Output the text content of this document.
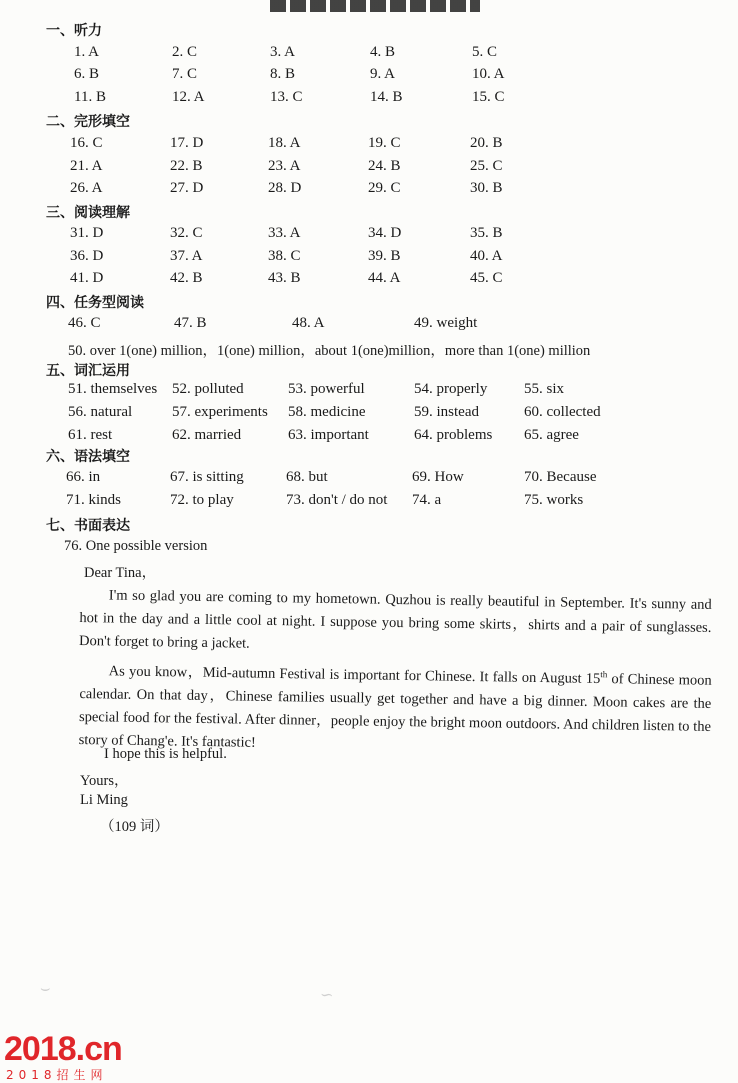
一、听力
1. A	2. C	3. A	4. B	5. C
6. B	7. C	8. B	9. A	10. A
11. B	12. A	13. C	14. B	15. C
二、完形填空
16. C	17. D	18. A	19. C	20. B
21. A	22. B	23. A	24. B	25. C
26. A	27. D	28. D	29. C	30. B
三、阅读理解
31. D	32. C	33. A	34. D	35. B
36. D	37. A	38. C	39. B	40. A
41. D	42. B	43. B	44. A	45. C
四、任务型阅读
46. C	47. B	48. A	49. weight
50. over 1(one) million，1(one) million，about 1(one)million，more than 1(one) million
五、词汇运用
51. themselves 52. polluted	53. powerful	54. properly 55. six
56. natural	57. experiments 58. medicine	59. instead	60. collected
61. rest	62. married	63. important	64. problems 65. agree
六、语法填空
66. in	67. is sitting	68. but	69. How	70. Because
71. kinds	72. to play	73. don't / do not 74. a	75. works
七、书面表达
76. One possible version
Dear Tina，

I'm so glad you are coming to my hometown. Quzhou is really beautiful in September. It's sunny and hot in the day and a little cool at night. I suppose you bring some skirts，shirts and a pair of sunglasses. Don't forget to bring a jacket.

As you know，Mid-autumn Festival is important for Chinese. It falls on August 15th of Chinese moon calendar. On that day，Chinese families usually get together and have a big dinner. Moon cakes are the special food for the festival. After dinner，people enjoy the bright moon outdoors. And children listen to the story of Chang'e. It's fantastic!

I hope this is helpful.
Yours，
Li Ming
（109 词）
⌣	∽
2018.cn
2018招生网
